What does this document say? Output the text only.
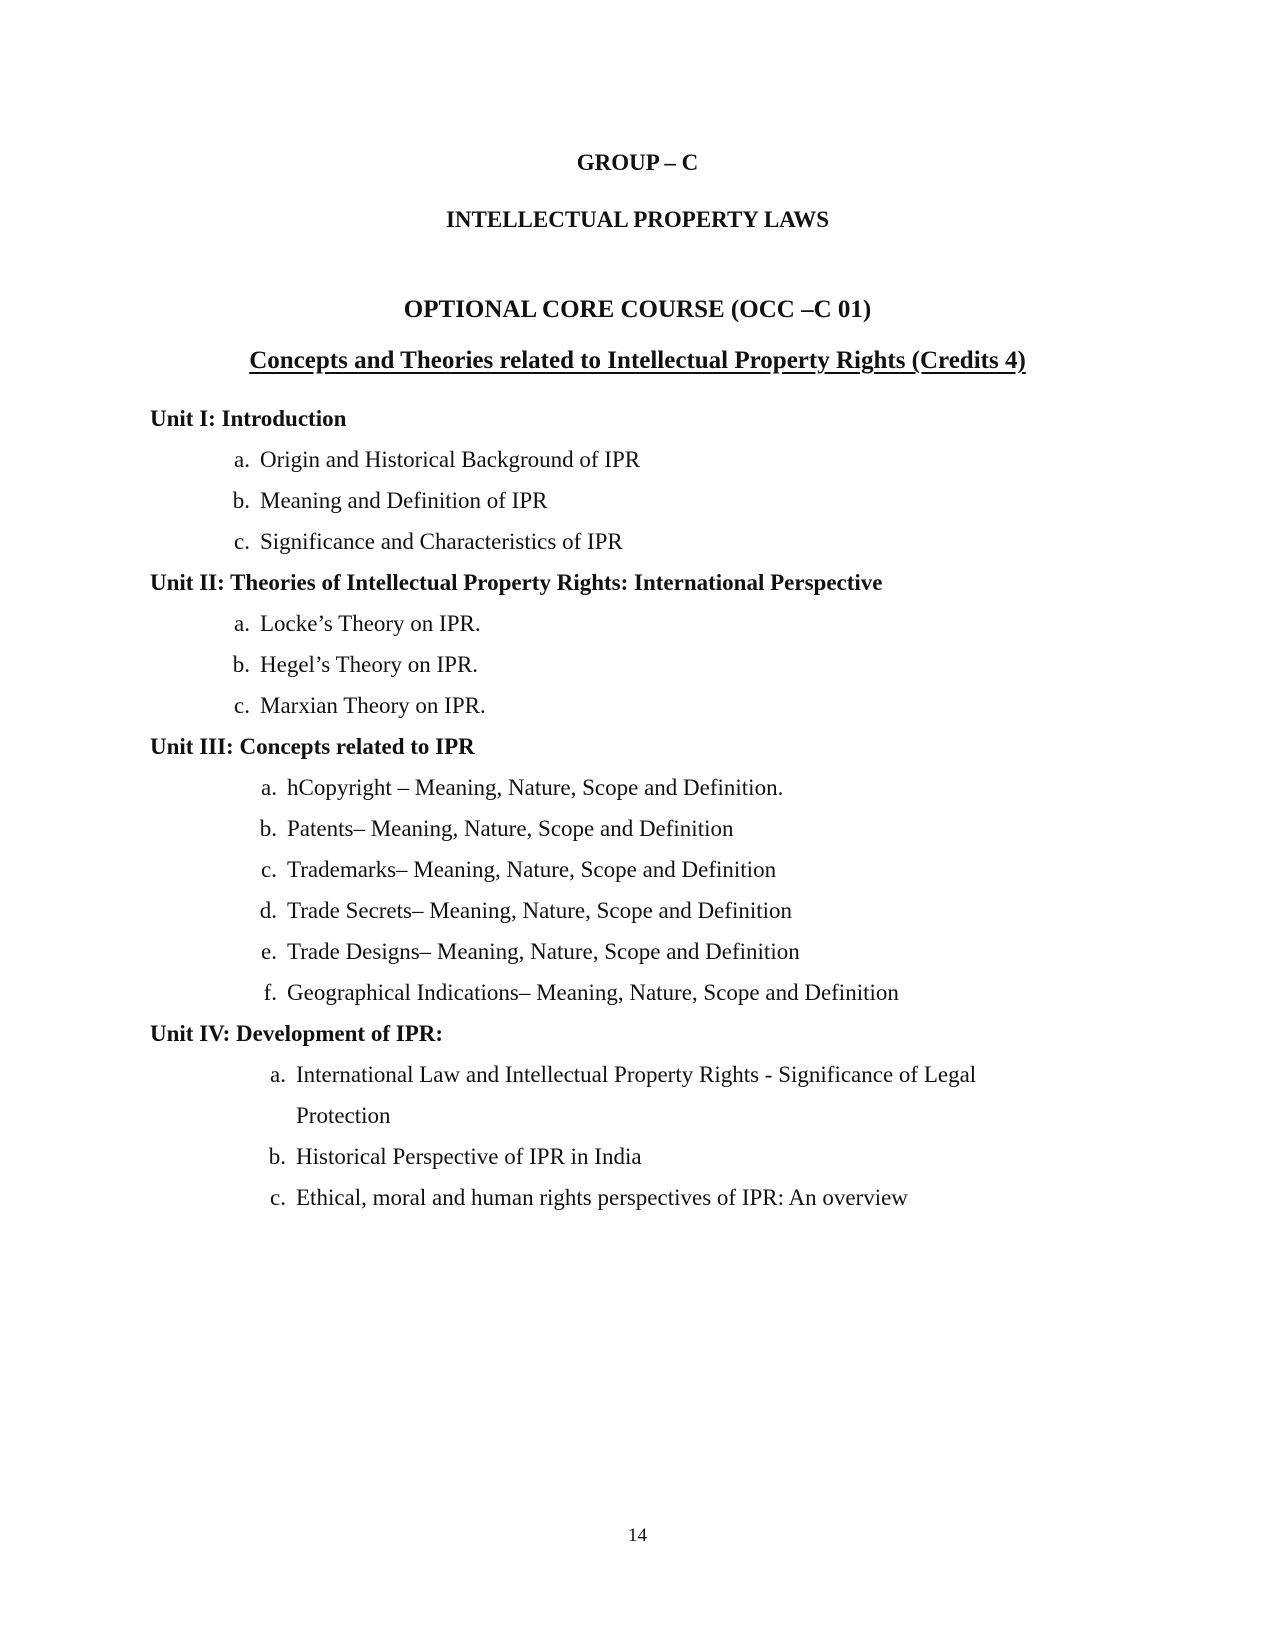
GROUP – C
INTELLECTUAL PROPERTY LAWS
OPTIONAL CORE COURSE (OCC –C 01)
Concepts and Theories related to Intellectual Property Rights (Credits 4)
Unit I: Introduction
a. Origin and Historical Background of IPR
b. Meaning and Definition of IPR
c. Significance and Characteristics of IPR
Unit II: Theories of Intellectual Property Rights: International Perspective
a. Locke’s Theory on IPR.
b. Hegel’s Theory on IPR.
c. Marxian Theory on IPR.
Unit III: Concepts related to IPR
a. hCopyright – Meaning, Nature, Scope and Definition.
b. Patents– Meaning, Nature, Scope and Definition
c. Trademarks– Meaning, Nature, Scope and Definition
d. Trade Secrets– Meaning, Nature, Scope and Definition
e. Trade Designs– Meaning, Nature, Scope and Definition
f. Geographical Indications– Meaning, Nature, Scope and Definition
Unit IV: Development of IPR:
a. International Law and Intellectual Property Rights - Significance of Legal
Protection
b. Historical Perspective of IPR in India
c. Ethical, moral and human rights perspectives of IPR: An overview
14
